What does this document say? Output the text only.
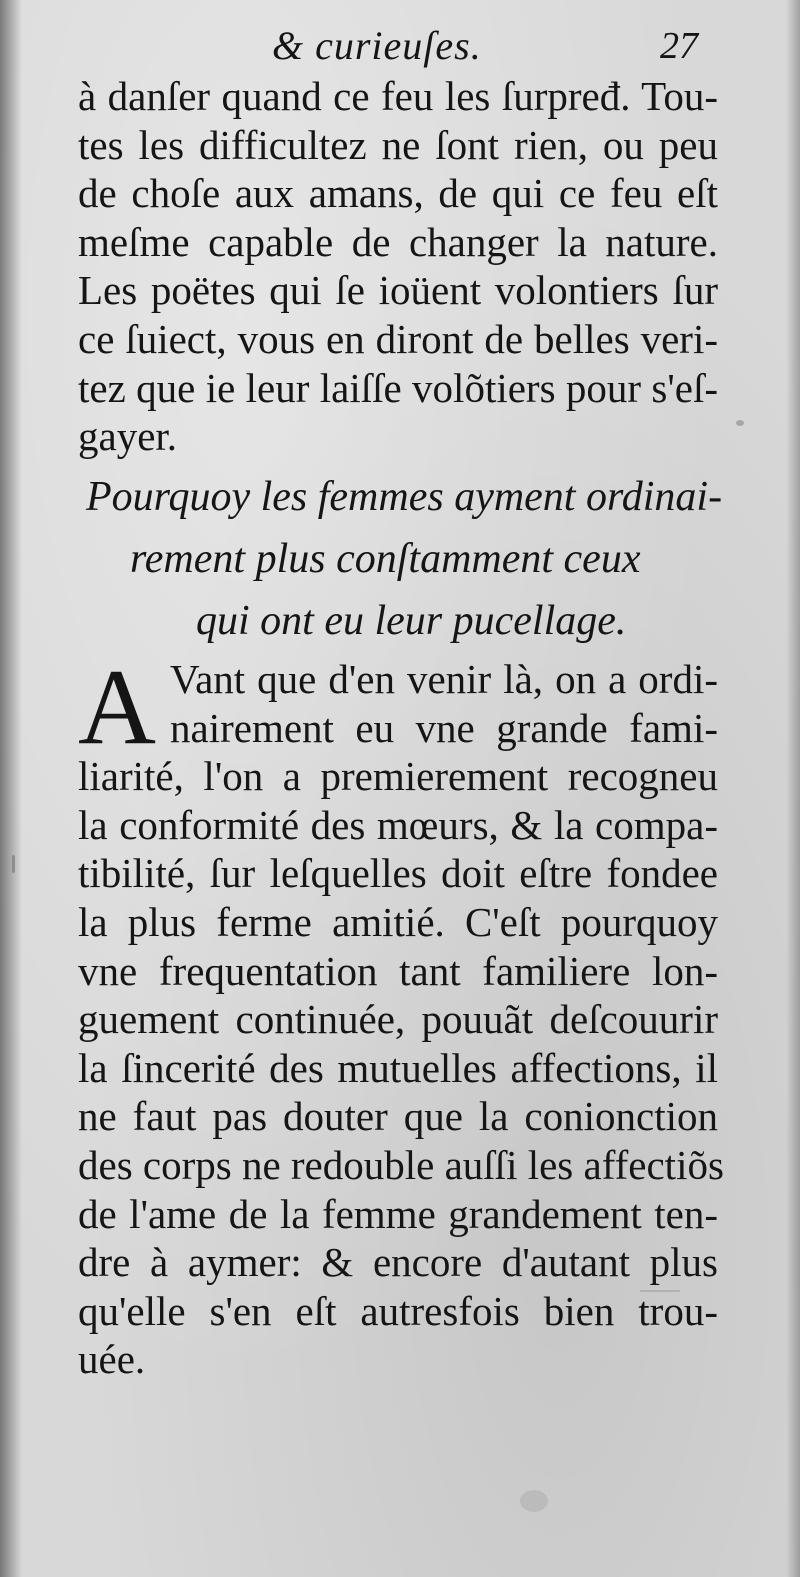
& curieuſes.	27
à danſer quand ce feu les ſurpređ. Tou-
tes les difficultez ne ſont rien, ou peu
de choſe aux amans, de qui ce feu eſt
meſme capable de changer la nature.
Les poëtes qui ſe ioüent volontiers ſur
ce ſuiect, vous en diront de belles veri-
tez que ie leur laiſſe volõtiers pour s'eſ-
gayer.
Pourquoy les femmes ayment ordinai-
rement plus conſtamment ceux
qui ont eu leur pucellage.
A Vant que d'en venir là, on a ordi-
nairement eu vne grande fami-
liarité, l'on a premierement recogneu
la conformité des mœurs, & la compa-
tibilité, ſur leſquelles doit eſtre fondee
la plus ferme amitié. C'eſt pourquoy
vne frequentation tant familiere lon-
guement continuée, pouuãt deſcouurir
la ſincerité des mutuelles affections, il
ne faut pas douter que la conionction
des corps ne redouble auſſi les affectiõs
de l'ame de la femme grandement ten-
dre à aymer: & encore d'autant plus
qu'elle s'en eſt autresfois bien trou-
uée.
